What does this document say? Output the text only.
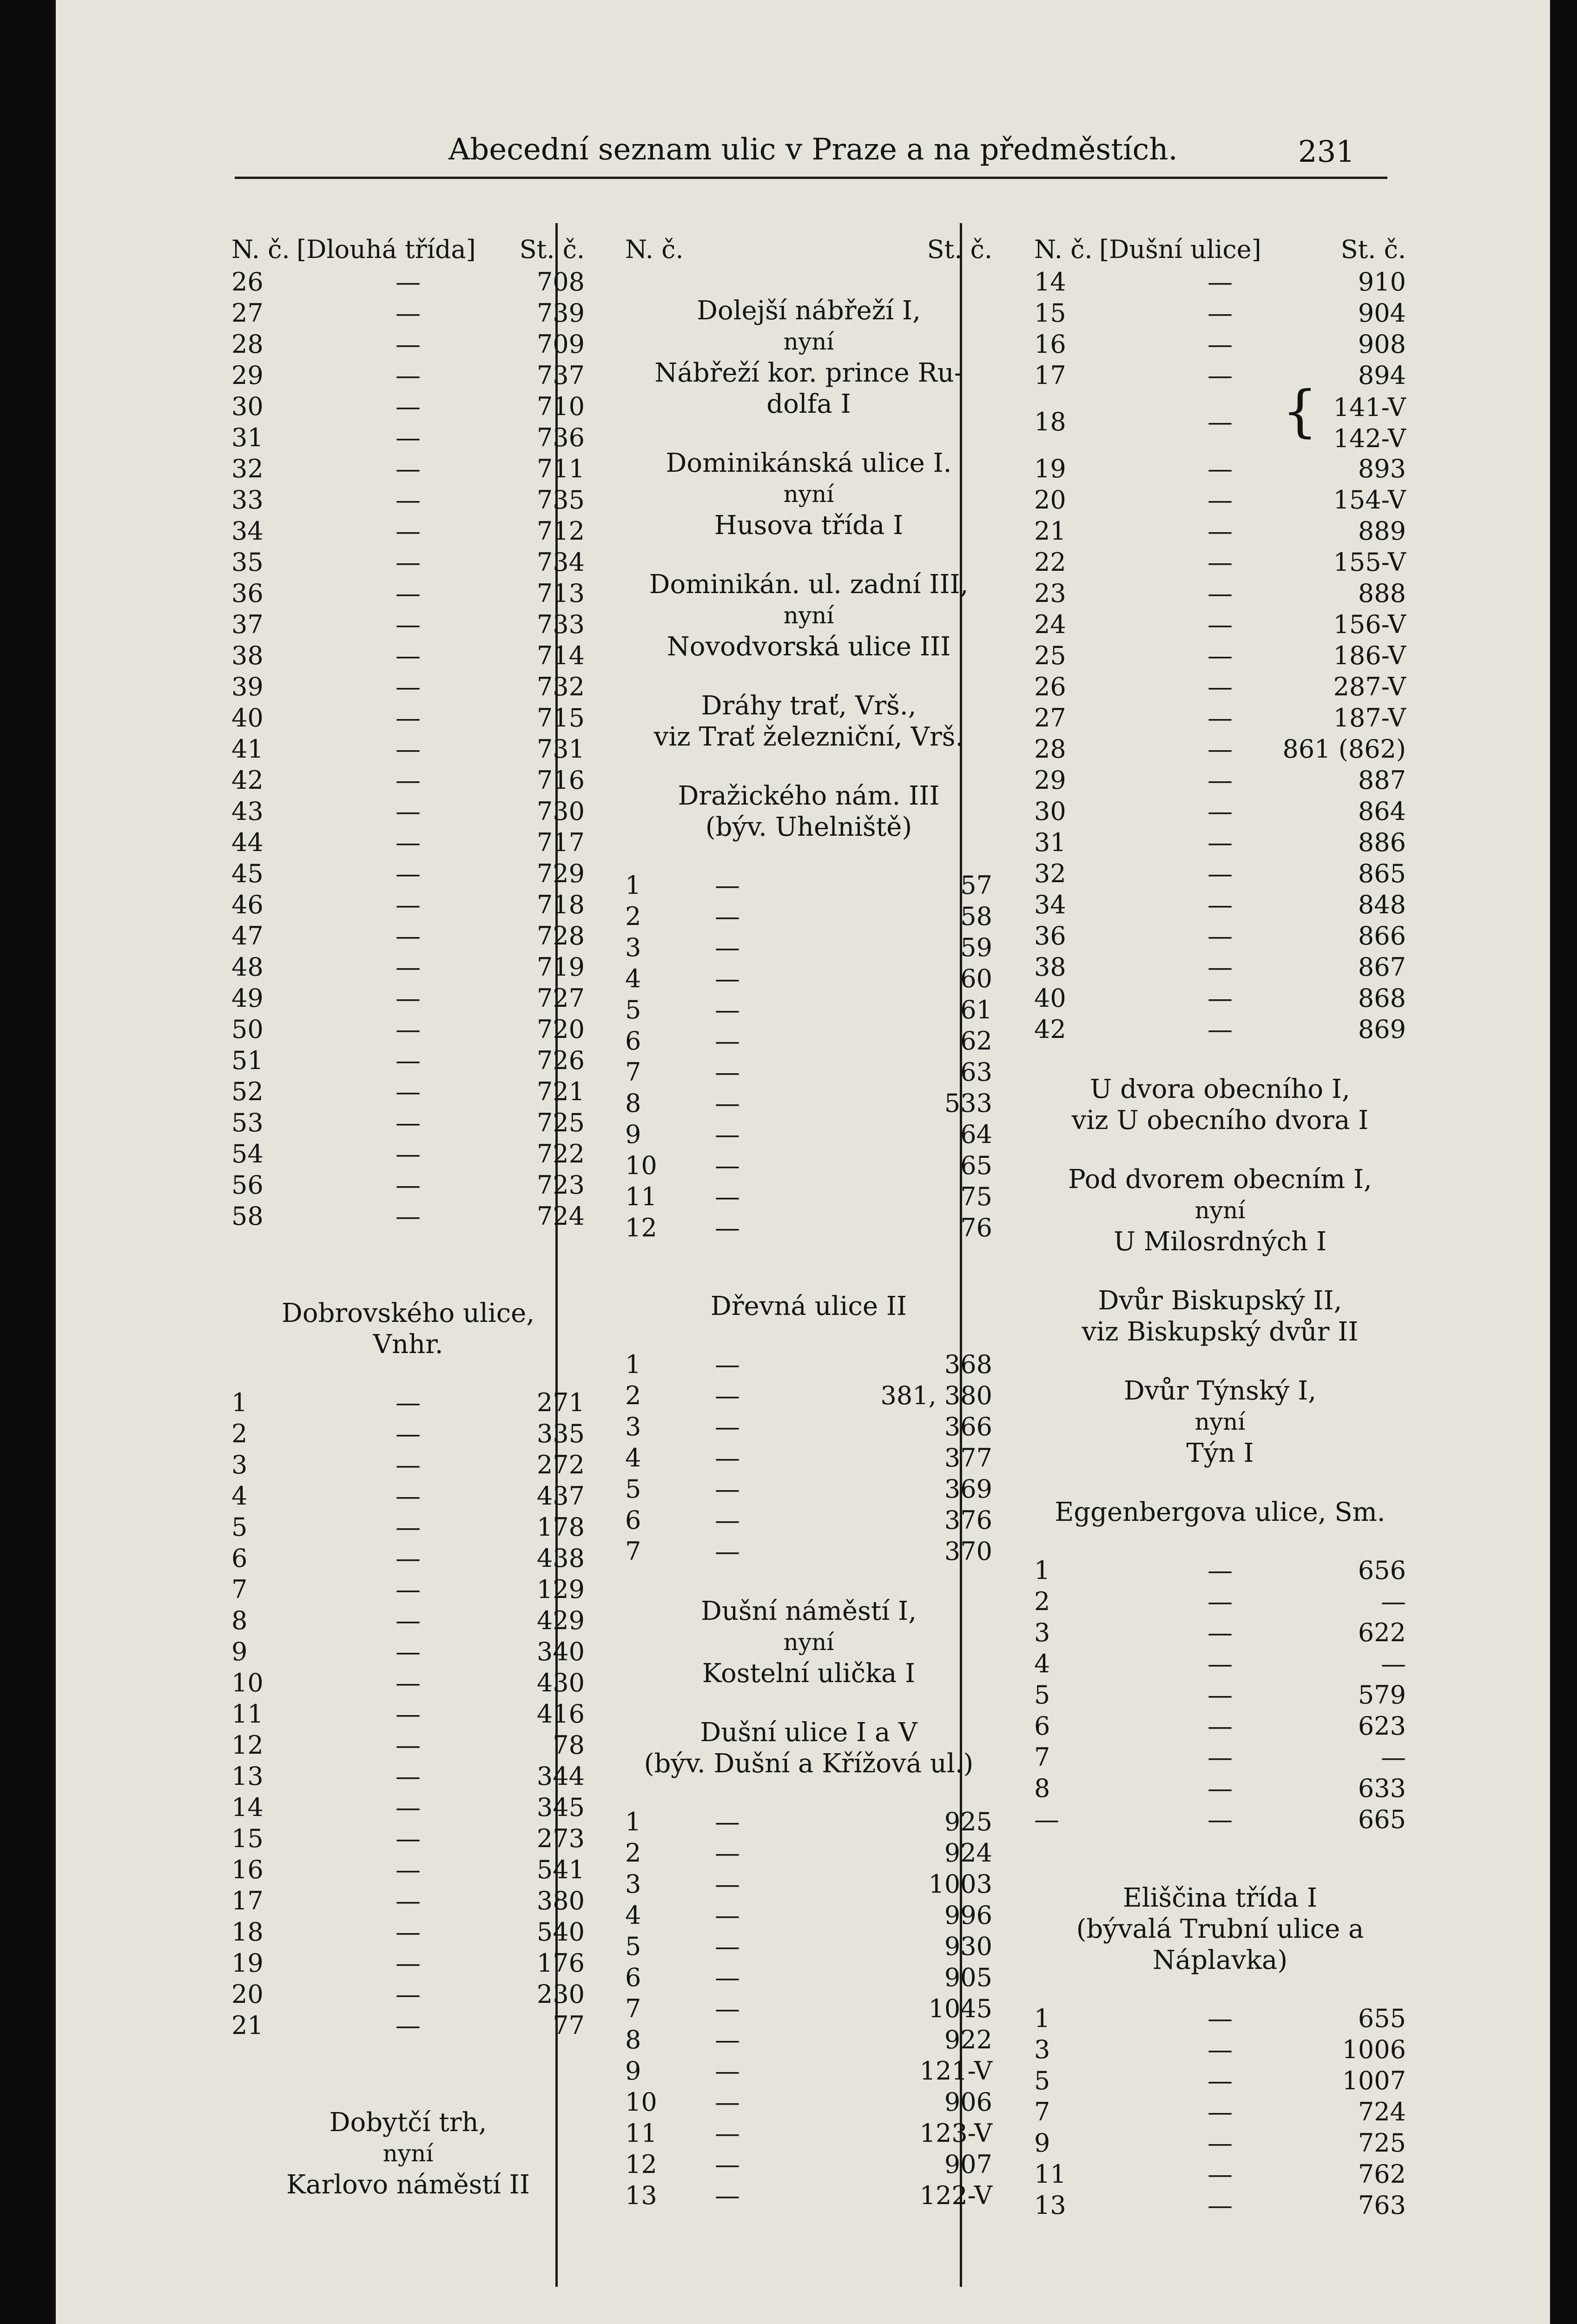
Abecední seznam ulic v Praze a na předměstích.	231
N. č. [Dlouhá třída] St. č.
26	—	708
27	—	739
28	—	709
29	—	737
30	—	710
31	—	736
32	—	711
33	—	735
34	—	712
35	—	734
36	—	713
37	—	733
38	—	714
39	—	732
40	—	715
41	—	731
42	—	716
43	—	730
44	—	717
45	—	729
46	—	718
47	—	728
48	—	719
49	—	727
50	—	720
51	—	726
52	—	721
53	—	725
54	—	722
56	—	723
58	—	724
Dobrovského ulice,
Vnhr.
1	—	271
2	—	335
3	—	272
4	—	437
5	—	178
6	—	438
7	—	129
8	—	429
9	—	340
10	—	430
11	—	416
12	—	78
13	—	344
14	—	345
15	—	273
16	—	541
17	—	380
18	—	540
19	—	176
20	—	230
21	—	77
Dobytčí trh,
nyní
Karlovo náměstí II
N. č.	St. č.
Dolejší nábřeží I,
nyní
Nábřeží kor. prince Ru-
dolfa I
Dominikánská ulice I.
nyní
Husova třída I
Dominikán. ul. zadní III,
nyní
Novodvorská ulice III
Dráhy trať, Vrš.,
viz Trať železniční, Vrš.
Dražického nám. III
(býv. Uhelniště)
1	—	57
2	—	58
3	—	59
4	—	60
5	—	61
6	—	62
7	—	63
8	—	533
9	—	64
10	—	65
11	—	75
12	—	76
Dřevná ulice II
1	—	368
2	—	381, 380
3	—	366
4	—	377
5	—	369
6	—	376
7	—	370
Dušní náměstí I,
nyní
Kostelní ulička I
Dušní ulice I a V
(býv. Dušní a Křížová ul.)
1	—	925
2	—	924
3	—	1003
4	—	996
5	—	930
6	—	905
7	—	1045
8	—	922
9	—	121-V
10	—	906
11	—	123-V
12	—	907
13	—	122-V
N. č. [Dušní ulice]	St. č.
14	—	910
15	—	904
16	—	908
17	—	894
18	— { 141-V
142-V
19	—	893
20	—	154-V
21	—	889
22	—	155-V
23	—	888
24	—	156-V
25	—	186-V
26	—	287-V
27	—	187-V
28	—	861 (862)
29	—	887
30	—	864
31	—	886
32	—	865
34	—	848
36	—	866
38	—	867
40	—	868
42	—	869
U dvora obecního I,
viz U obecního dvora I
Pod dvorem obecním I,
nyní
U Milosrdných I
Dvůr Biskupský II,
viz Biskupský dvůr II
Dvůr Týnský I,
nyní
Týn I
Eggenbergova ulice, Sm.
1	—	656
2	—	—
3	—	622
4	—	—
5	—	579
6	—	623
7	—	—
8	—	633
—	—	665
Eliščina třída I
(bývalá Trubní ulice a
Náplavka)
1	—	655
3	—	1006
5	—	1007
7	—	724
9	—	725
11	—	762
13	—	763
